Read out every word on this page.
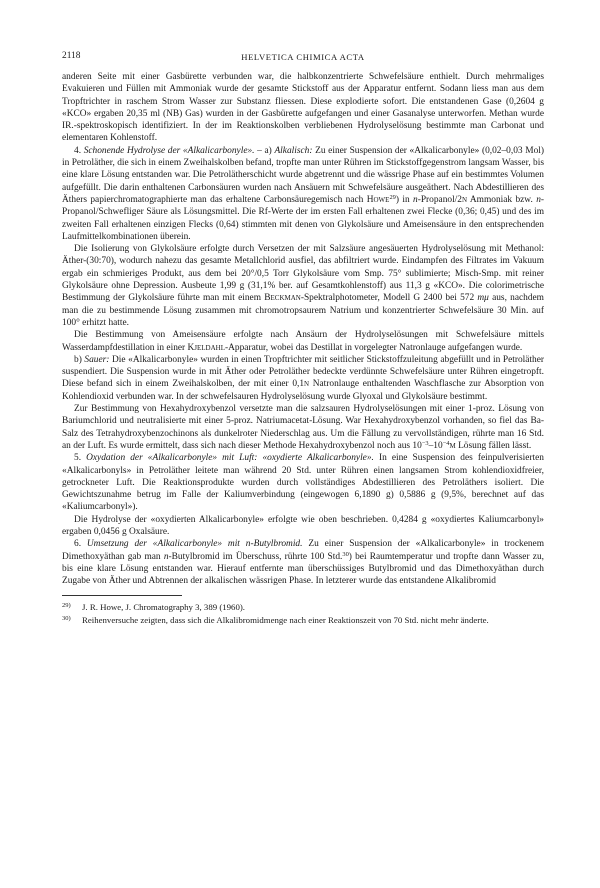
2118	HELVETICA CHIMICA ACTA

anderen Seite mit einer Gasbürette verbunden war, die halbkonzentrierte Schwefelsäure enthielt. Durch mehrmaliges Evakuieren und Füllen mit Ammoniak wurde der gesamte Stickstoff aus der Apparatur entfernt. Sodann liess man aus dem Tropftrichter in raschem Strom Wasser zur Substanz fliessen. Diese explodierte sofort. Die entstandenen Gase (0,2604 g «KCO» ergaben 20,35 ml (NB) Gas) wurden in der Gasbürette aufgefangen und einer Gasanalyse unterworfen. Methan wurde IR.-spektroskopisch identifiziert. In der im Reaktionskolben verbliebenen Hydrolyselösung bestimmte man Carbonat und elementaren Kohlenstoff.

4. Schonende Hydrolyse der «Alkalicarbonyle». – a) Alkalisch: Zu einer Suspension der «Alkalicarbonyle» (0,02–0,03 Mol) in Petroläther, die sich in einem Zweihalskolben befand, tropfte man unter Rühren im Stickstoffgegenstrom langsam Wasser, bis eine klare Lösung entstanden war. Die Petrolätherschicht wurde abgetrennt und die wässrige Phase auf ein bestimmtes Volumen aufgefüllt. Die darin enthaltenen Carbonsäuren wurden nach Ansäuern mit Schwefelsäure ausgeäthert. Nach Abdestillieren des Äthers papierchromatographierte man das erhaltene Carbonsäuregemisch nach Howe$^{29}$) in n-Propanol/2n Ammoniak bzw. n-Propanol/Schwefliger Säure als Lösungsmittel. Die Rf-Werte der im ersten Fall erhaltenen zwei Flecke (0,36; 0,45) und des im zweiten Fall erhaltenen einzigen Flecks (0,64) stimmten mit denen von Glykolsäure und Ameisensäure in den entsprechenden Laufmittelkombinationen überein.

Die Isolierung von Glykolsäure erfolgte durch Versetzen der mit Salzsäure angesäuerten Hydrolyselösung mit Methanol: Äther-(30:70), wodurch nahezu das gesamte Metallchlorid ausfiel, das abfiltriert wurde. Eindampfen des Filtrates im Vakuum ergab ein schmieriges Produkt, aus dem bei 20°/0,5 Torr Glykolsäure vom Smp. 75° sublimierte; Misch-Smp. mit reiner Glykolsäure ohne Depression. Ausbeute 1,99 g (31,1% ber. auf Gesamtkohlenstoff) aus 11,3 g «KCO». Die colorimetrische Bestimmung der Glykolsäure führte man mit einem Beckman-Spektralphotometer, Modell G 2400 bei 572 mμ aus, nachdem man die zu bestimmende Lösung zusammen mit chromotropsaurem Natrium und konzentrierter Schwefelsäure 30 Min. auf 100° erhitzt hatte.

Die Bestimmung von Ameisensäure erfolgte nach Ansäurn der Hydrolyselösungen mit Schwefelsäure mittels Wasserdampfdestillation in einer Kjeldahl-Apparatur, wobei das Destillat in vorgelegter Natronlauge aufgefangen wurde.

b) Sauer: Die «Alkalicarbonyle» wurden in einen Tropftrichter mit seitlicher Stickstoffzuleitung abgefüllt und in Petroläther suspendiert. Die Suspension wurde in mit Äther oder Petroläther bedeckte verdünnte Schwefelsäure unter Rühren eingetropft. Diese befand sich in einem Zweihalskolben, der mit einer 0,1n Natronlauge enthaltenden Waschflasche zur Absorption von Kohlendioxid verbunden war. In der schwefelsauren Hydrolyselösung wurde Glyoxal und Glykolsäure bestimmt.

Zur Bestimmung von Hexahydroxybenzol versetzte man die salzsauren Hydrolyselösungen mit einer 1-proz. Lösung von Bariumchlorid und neutralisierte mit einer 5-proz. Natriumacetat-Lösung. War Hexahydroxybenzol vorhanden, so fiel das Ba-Salz des Tetrahydroxybenzochinons als dunkelroter Niederschlag aus. Um die Fällung zu vervollständigen, rührte man 16 Std. an der Luft. Es wurde ermittelt, dass sich nach dieser Methode Hexahydroxybenzol noch aus $10^{-3}-10^{-4}m$ Lösung fällen lässt.

5. Oxydation der «Alkalicarbonyle» mit Luft: «oxydierte Alkalicarbonyle». In eine Suspension des feinpulverisierten «Alkalicarbonyls» in Petroläther leitete man während 20 Std. unter Rühren einen langsamen Strom kohlendioxidfreier, getrockneter Luft. Die Reaktionsprodukte wurden durch vollständiges Abdestillieren des Petroläthers isoliert. Die Gewichtszunahme betrug im Falle der Kaliumverbindung (eingewogen 6,1890 g) 0,5886 g (9,5%, berechnet auf das «Kaliumcarbonyl»).

Die Hydrolyse der «oxydierten Alkalicarbonyle» erfolgte wie oben beschrieben. 0,4284 g «oxydiertes Kaliumcarbonyl» ergaben 0,0456 g Oxalsäure.

6. Umsetzung der «Alkalicarbonyle» mit n-Butylbromid. Zu einer Suspension der «Alkalicarbonyle» in trockenem Dimethoxyäthan gab man n-Butylbromid im Überschuss, rührte 100 Std.$^{30}$) bei Raumtemperatur und tropfte dann Wasser zu, bis eine klare Lösung entstanden war. Hierauf entfernte man überschüssiges Butylbromid und das Dimethoxyäthan durch Zugabe von Äther und Abtrennen der alkalischen wässrigen Phase. In letzterer wurde das entstandene Alkalibromid

29) J. R. Howe, J. Chromatography 3, 389 (1960).

30) Reihenversuche zeigten, dass sich die Alkalibromidmenge nach einer Reaktionszeit von 70 Std. nicht mehr änderte.
